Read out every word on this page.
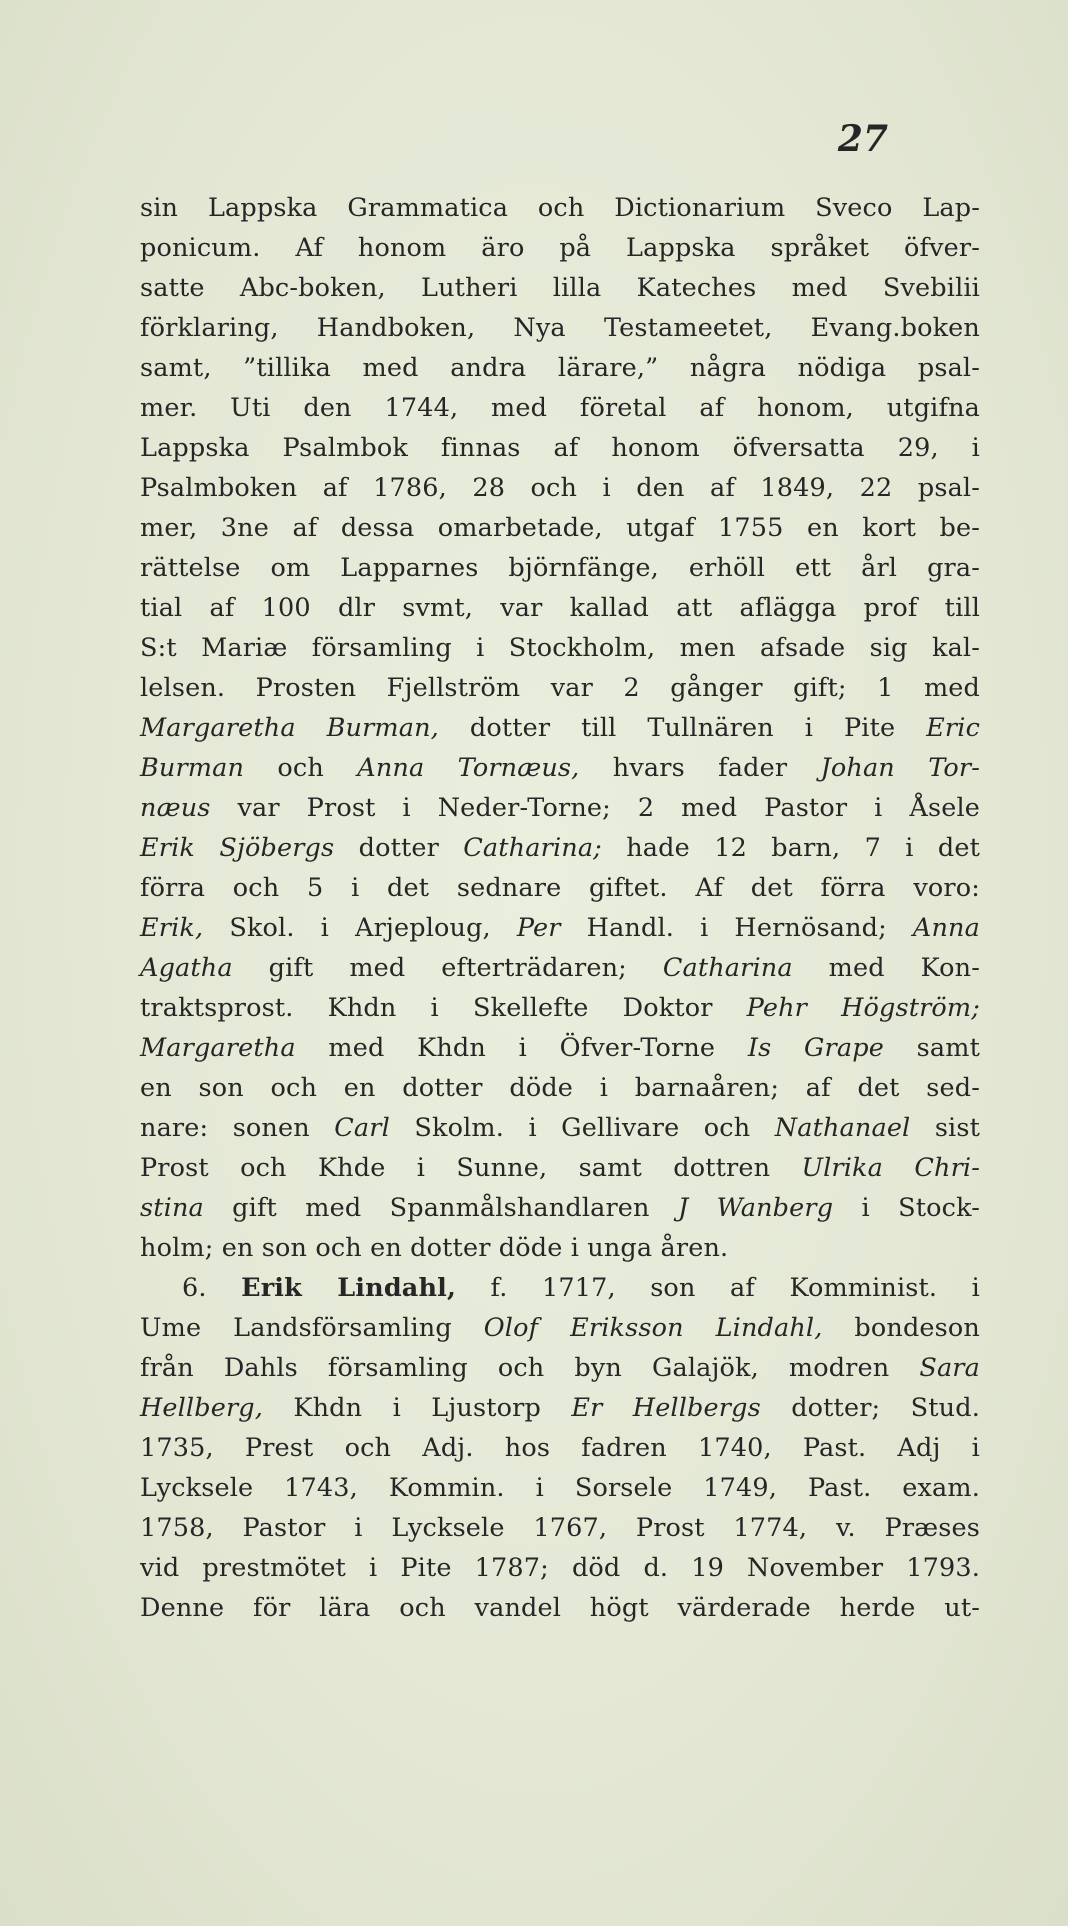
27
sin Lappska Grammatica och Dictionarium Sveco Lap-
ponicum. Af honom äro på Lappska språket öfver-
satte Abc-boken, Lutheri lilla Kateches med Svebilii
förklaring, Handboken, Nya Testameetet, Evang.boken
samt, ”tillika med andra lärare,” några nödiga psal-
mer. Uti den 1744, med företal af honom, utgifna
Lappska Psalmbok finnas af honom öfversatta 29, i
Psalmboken af 1786, 28 och i den af 1849, 22 psal-
mer, 3ne af dessa omarbetade, utgaf 1755 en kort be-
rättelse om Lapparnes björnfänge, erhöll ett årl gra-
tial af 100 dlr svmt, var kallad att aflägga prof till
S:t Mariæ församling i Stockholm, men afsade sig kal-
lelsen. Prosten Fjellström var 2 gånger gift; 1 med
Margaretha Burman, dotter till Tullnären i Pite Eric
Burman och Anna Tornæus, hvars fader Johan Tor-
næus var Prost i Neder-Torne; 2 med Pastor i Åsele
Erik Sjöbergs dotter Catharina; hade 12 barn, 7 i det
förra och 5 i det sednare giftet. Af det förra voro:
Erik, Skol. i Arjeploug, Per Handl. i Hernösand; Anna
Agatha gift med efterträdaren; Catharina med Kon-
traktsprost. Khdn i Skellefte Doktor Pehr Högström;
Margaretha med Khdn i Öfver-Torne Is Grape samt
en son och en dotter döde i barnaåren; af det sed-
nare: sonen Carl Skolm. i Gellivare och Nathanael sist
Prost och Khde i Sunne, samt dottren Ulrika Chri-
stina gift med Spanmålshandlaren J Wanberg i Stock-
holm; en son och en dotter döde i unga åren.
6. Erik Lindahl, f. 1717, son af Komminist. i
Ume Landsförsamling Olof Eriksson Lindahl, bondeson
från Dahls församling och byn Galajök, modren Sara
Hellberg, Khdn i Ljustorp Er Hellbergs dotter; Stud.
1735, Prest och Adj. hos fadren 1740, Past. Adj i
Lycksele 1743, Kommin. i Sorsele 1749, Past. exam.
1758, Pastor i Lycksele 1767, Prost 1774, v. Præses
vid prestmötet i Pite 1787; död d. 19 November 1793.
Denne för lära och vandel högt värderade herde ut-
